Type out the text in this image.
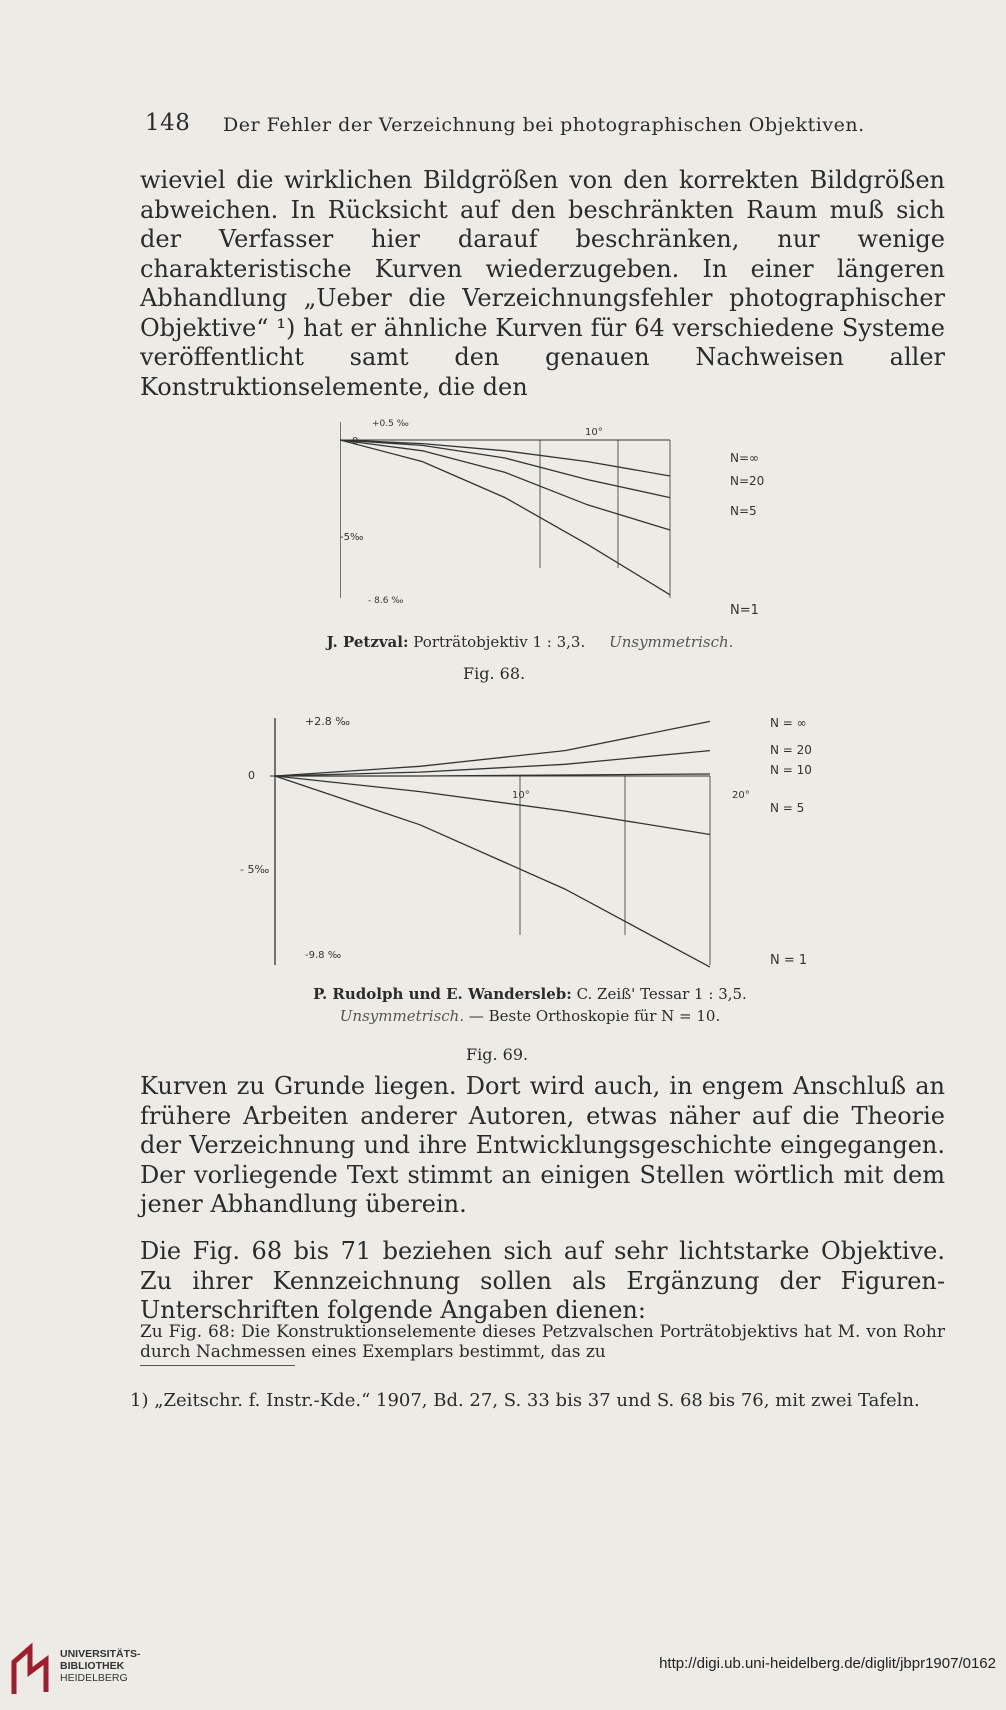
148 Der Fehler der Verzeichnung bei photographischen Objektiven.
wieviel die wirklichen Bildgrößen von den korrekten Bildgrößen abweichen. In Rücksicht auf den beschränkten Raum muß sich der Verfasser hier darauf beschränken, nur wenige charakteristische Kurven wiederzugeben. In einer längeren Abhandlung „Ueber die Verzeichnungsfehler photographischer Objektive“ ¹) hat er ähnliche Kurven für 64 verschiedene Systeme veröffentlicht samt den genauen Nachweisen aller Konstruktionselemente, die den
+0.5 ‰
0
-5‰
- 8.6 ‰
10°
N=∞
N=20
N=5
N=1
J. Petzval: Porträtobjektiv 1 : 3,3. Unsymmetrisch.
Fig. 68.
+2.8 ‰
0
- 5‰
-9.8 ‰
10°	20°
N = ∞
N = 20
N = 10
N = 5
N = 1
P. Rudolph und E. Wandersleb: C. Zeiß' Tessar 1 : 3,5.
Unsymmetrisch. — Beste Orthoskopie für N = 10.
Fig. 69.
Kurven zu Grunde liegen. Dort wird auch, in engem Anschluß an frühere Arbeiten anderer Autoren, etwas näher auf die Theorie der Verzeichnung und ihre Entwicklungsgeschichte eingegangen. Der vorliegende Text stimmt an einigen Stellen wörtlich mit dem jener Abhandlung überein.
Die Fig. 68 bis 71 beziehen sich auf sehr lichtstarke Objektive. Zu ihrer Kennzeichnung sollen als Ergänzung der Figuren-Unterschriften folgende Angaben dienen:
Zu Fig. 68: Die Konstruktionselemente dieses Petzvalschen Porträtobjektivs hat M. von Rohr durch Nachmessen eines Exemplars bestimmt, das zu
1) „Zeitschr. f. Instr.-Kde.“ 1907, Bd. 27, S. 33 bis 37 und S. 68 bis 76, mit zwei Tafeln.
UNIVERSITÄTS-
BIBLIOTHEK
HEIDELBERG
http://digi.ub.uni-heidelberg.de/diglit/jbpr1907/0162
